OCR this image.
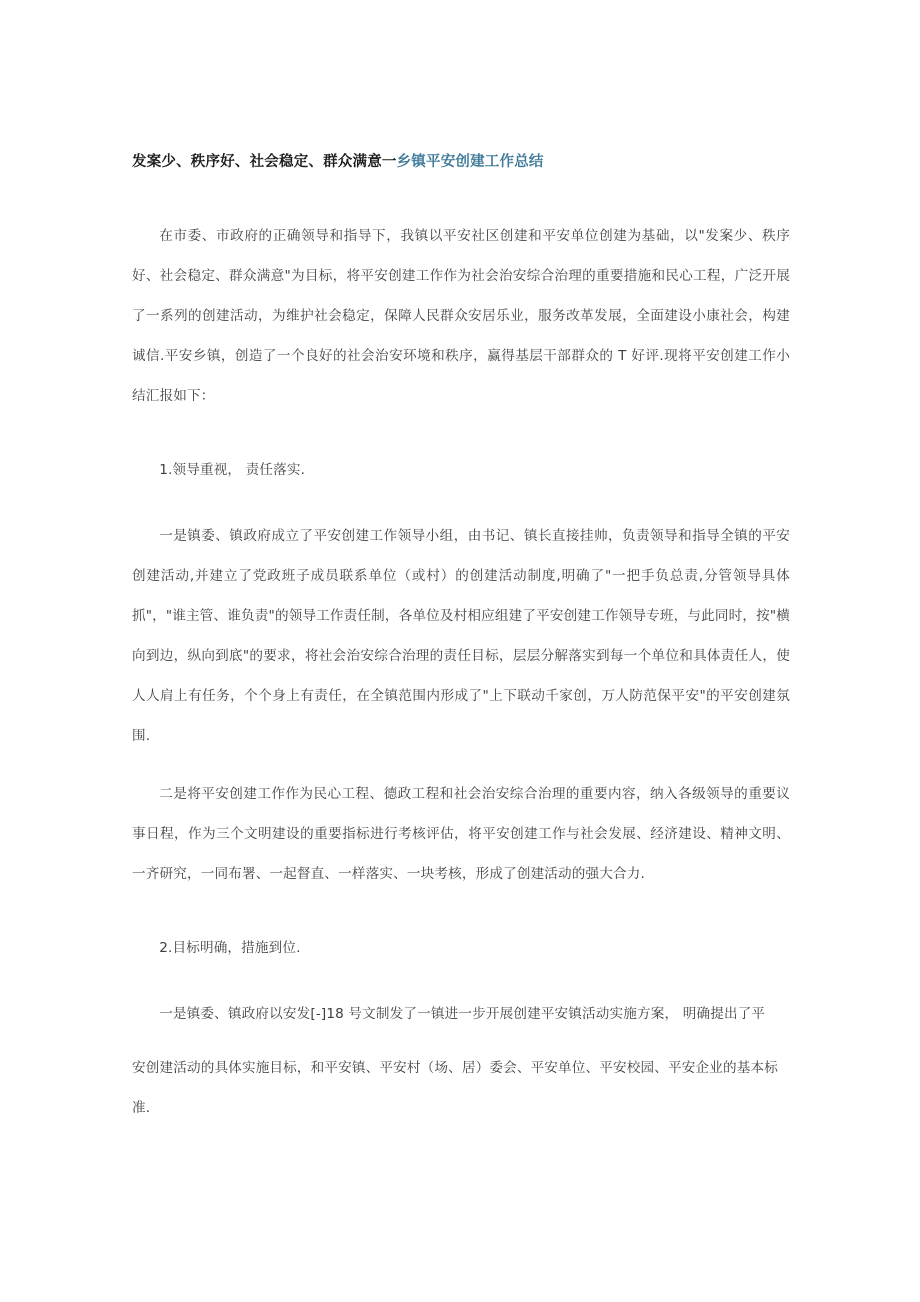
发案少、秩序好、社会稳定、群众满意一乡镇平安创建工作总结

在市委、市政府的正确领导和指导下，我镇以平安社区创建和平安单位创建为基础，以"发案少、秩序好、社会稳定、群众满意"为目标，将平安创建工作作为社会治安综合治理的重要措施和民心工程，广泛开展了一系列的创建活动，为维护社会稳定，保障人民群众安居乐业，服务改革发展，全面建设小康社会，构建诚信.平安乡镇，创造了一个良好的社会治安环境和秩序，赢得基层干部群众的 T 好评.现将平安创建工作小结汇报如下：

1.领导重视， 责任落实.

一是镇委、镇政府成立了平安创建工作领导小组，由书记、镇长直接挂帅，负责领导和指导全镇的平安创建活动,并建立了党政班子成员联系单位（或村）的创建活动制度,明确了"一把手负总责,分管领导具体抓"，"谁主管、谁负责"的领导工作责任制，各单位及村相应组建了平安创建工作领导专班，与此同时，按"横向到边，纵向到底"的要求，将社会治安综合治理的责任目标，层层分解落实到每一个单位和具体责任人，使人人肩上有任务，个个身上有责任，在全镇范围内形成了"上下联动千家创，万人防范保平安"的平安创建氛围.

二是将平安创建工作作为民心工程、德政工程和社会治安综合治理的重要内容，纳入各级领导的重要议事日程，作为三个文明建设的重要指标进行考核评估，将平安创建工作与社会发展、经济建设、精神文明、一齐研究，一同布署、一起督直、一样落实、一块考核，形成了创建活动的强大合力.

2.目标明确，措施到位.

一是镇委、镇政府以安发[-]18 号文制发了一镇进一步开展创建平安镇活动实施方案， 明确提出了平

安创建活动的具体实施目标，和平安镇、平安村（场、居）委会、平安单位、平安校园、平安企业的基本标准.
